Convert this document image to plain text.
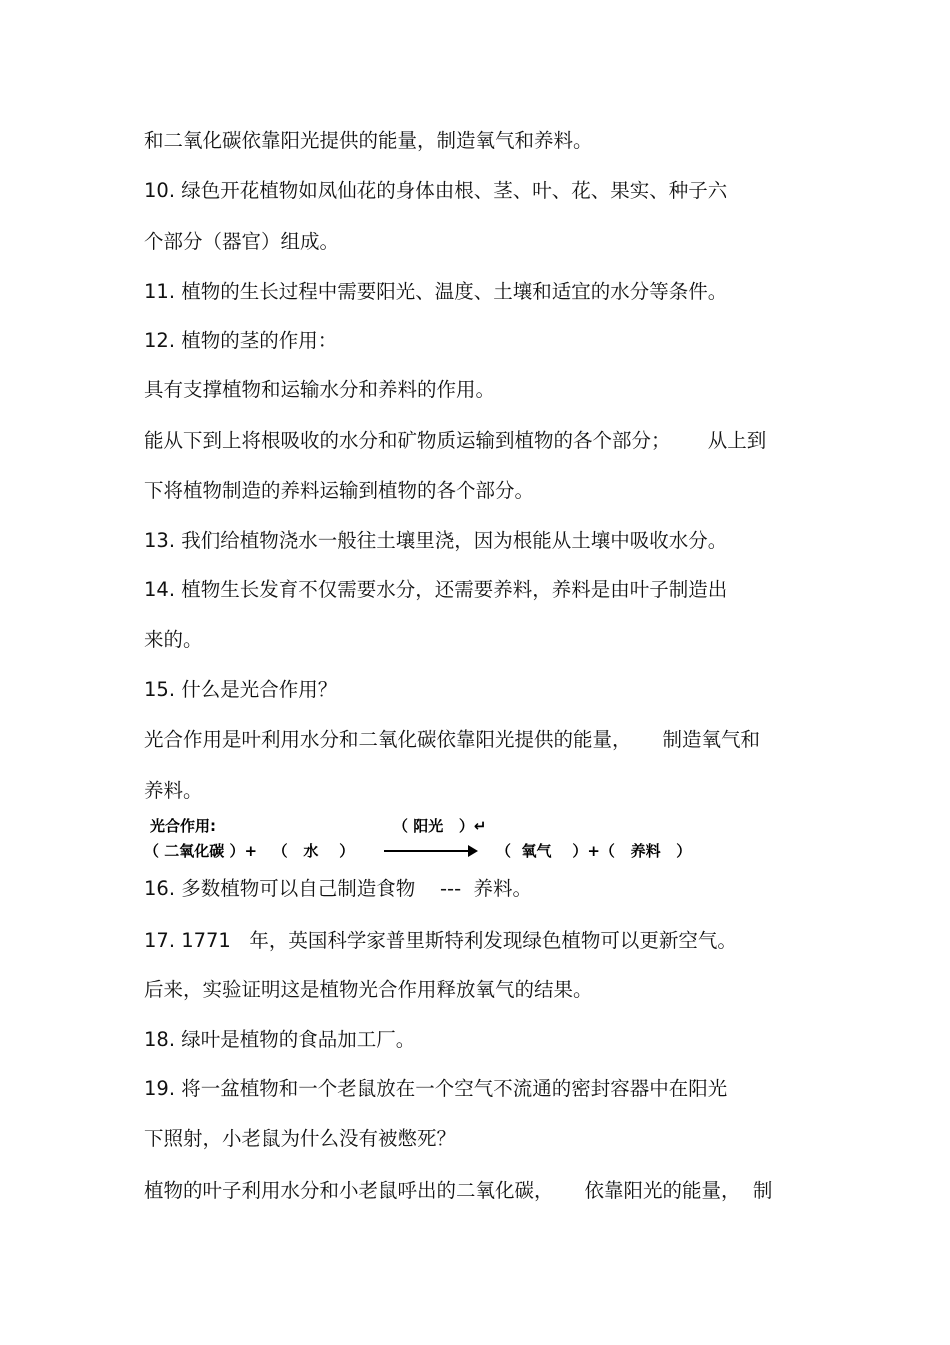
和二氧化碳依靠阳光提供的能量，制造氧气和养料。
10. 绿色开花植物如凤仙花的身体由根、茎、叶、花、果实、种子六
个部分（器官）组成。
11. 植物的生长过程中需要阳光、温度、土壤和适宜的水分等条件。
12. 植物的茎的作用：
具有支撑植物和运输水分和养料的作用。
能从下到上将根吸收的水分和矿物质运输到植物的各个部分；      从上到
下将植物制造的养料运输到植物的各个部分。
13. 我们给植物浇水一般往土壤里浇，因为根能从土壤中吸收水分。
14. 植物生长发育不仅需要水分，还需要养料，养料是由叶子制造出
来的。
15. 什么是光合作用？
光合作用是叶利用水分和二氧化碳依靠阳光提供的能量，     制造氧气和
养料。
光合作用:	（ 阳光   ）↵
（ 二氧化碳 ）+   （   水    ）	（  氧气    ）+（   养料   ）
16. 多数植物可以自己制造食物    ---  养料。
17. 1771   年，英国科学家普里斯特利发现绿色植物可以更新空气。
后来，实验证明这是植物光合作用释放氧气的结果。
18. 绿叶是植物的食品加工厂。
19. 将一盆植物和一个老鼠放在一个空气不流通的密封容器中在阳光
下照射，小老鼠为什么没有被憋死？
植物的叶子利用水分和小老鼠呼出的二氧化碳，     依靠阳光的能量，  制
